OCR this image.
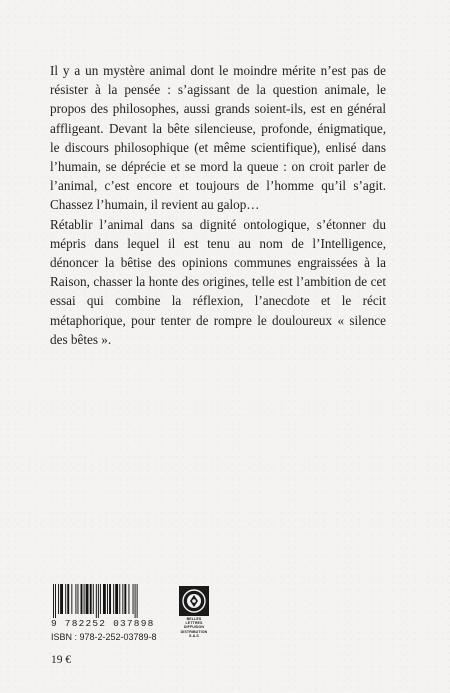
Il y a un mystère animal dont le moindre mérite n’est pas de résister à la pensée : s’agissant de la question animale, le propos des philosophes, aussi grands soient-ils, est en général affligeant. Devant la bête silencieuse, profonde, énigmatique, le discours philosophique (et même scientifique), enlisé dans l’humain, se déprécie et se mord la queue : on croit parler de l’animal, c’est encore et toujours de l’homme qu’il s’agit. Chassez l’humain, il revient au galop…

Rétablir l’animal dans sa dignité ontologique, s’étonner du mépris dans lequel il est tenu au nom de l’Intelligence, dénoncer la bêtise des opinions communes engraissées à la Raison, chasser la honte des origines, telle est l’ambition de cet essai qui combine la réflexion, l’anecdote et le récit métaphorique, pour tenter de rompre le douloureux « silence des bêtes ».

9 782252 037898
ISBN : 978-2-252-03789-8
BELLES LETTRES
DIFFUSION
DISTRIBUTION
S.A.S
19 €
